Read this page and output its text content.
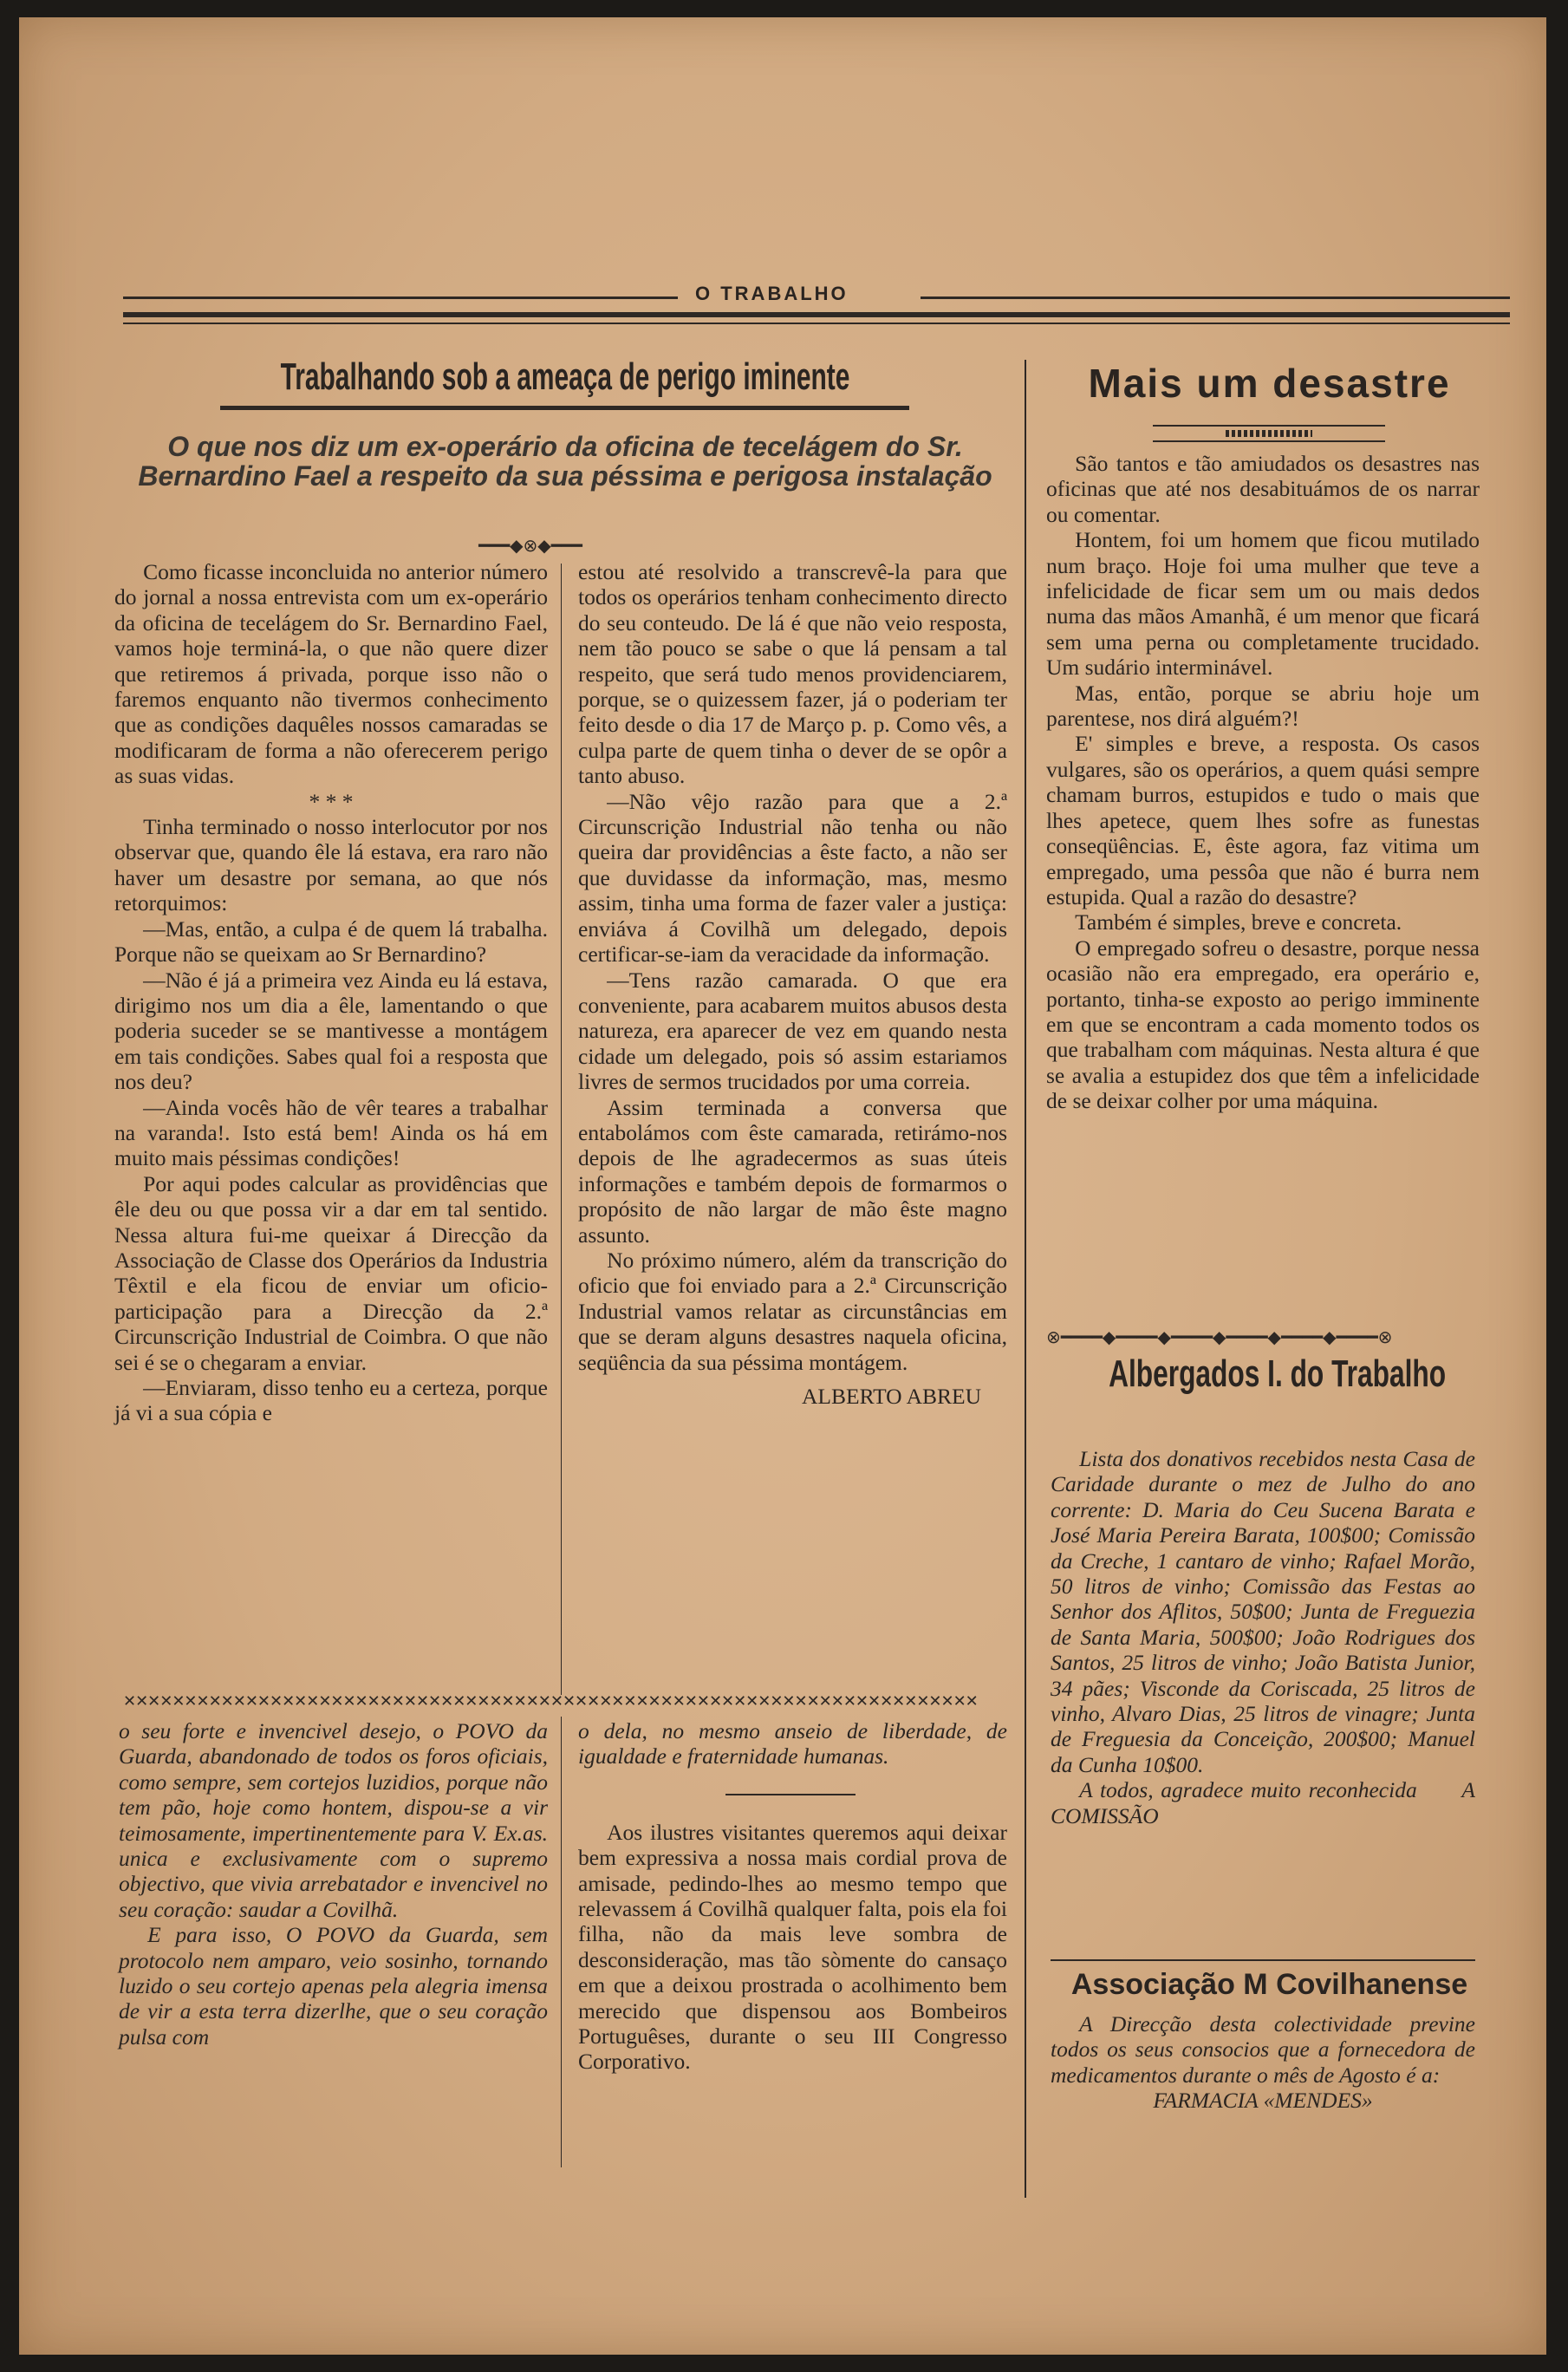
O TRABALHO
Trabalhando sob a ameaça de perigo iminente
O que nos diz um ex-operário da oficina de tecelágem do Sr. Bernardino Fael a respeito da sua péssima e perigosa instalação
━━━◆⊗◆━━━

Como ficasse inconcluida no anterior número do jornal a nossa entrevista com um ex-operário da oficina de tecelágem do Sr. Bernardino Fael, vamos hoje terminá-la, o que não quere dizer que retiremos á privada, porque isso não o faremos enquanto não tivermos conhecimento que as condições daquêles nossos camaradas se modificaram de forma a não oferecerem perigo as suas vidas.

* * *

Tinha terminado o nosso interlocutor por nos observar que, quando êle lá estava, era raro não haver um desastre por semana, ao que nós retorquimos:

—Mas, então, a culpa é de quem lá trabalha. Porque não se queixam ao Sr Bernardino?

—Não é já a primeira vez Ainda eu lá estava, dirigimo nos um dia a êle, lamentando o que poderia suceder se se mantivesse a montágem em tais condições. Sabes qual foi a resposta que nos deu?

—Ainda vocês hão de vêr teares a trabalhar na varanda!. Isto está bem! Ainda os há em muito mais péssimas condições!

Por aqui podes calcular as providências que êle deu ou que possa vir a dar em tal sentido. Nessa altura fui-me queixar á Direcção da Associação de Classe dos Operários da Industria Têxtil e ela ficou de enviar um oficio-participação para a Direcção da 2.ª Circunscrição Industrial de Coimbra. O que não sei é se o chegaram a enviar.

—Enviaram, disso tenho eu a certeza, porque já vi a sua cópia e

estou até resolvido a transcrevê-la para que todos os operários tenham conhecimento directo do seu conteudo. De lá é que não veio resposta, nem tão pouco se sabe o que lá pensam a tal respeito, que será tudo menos providenciarem, porque, se o quizessem fazer, já o poderiam ter feito desde o dia 17 de Março p. p. Como vês, a culpa parte de quem tinha o dever de se opôr a tanto abuso.

—Não vêjo razão para que a 2.ª Circunscrição Industrial não tenha ou não queira dar providências a êste facto, a não ser que duvidasse da informação, mas, mesmo assim, tinha uma forma de fazer valer a justiça: enviáva á Covilhã um delegado, depois certificar-se-iam da veracidade da informação.

—Tens razão camarada. O que era conveniente, para acabarem muitos abusos desta natureza, era aparecer de vez em quando nesta cidade um delegado, pois só assim estariamos livres de sermos trucidados por uma correia.

Assim terminada a conversa que entabolámos com êste camarada, retirámo-nos depois de lhe agradecermos as suas úteis informações e também depois de formarmos o propósito de não largar de mão êste magno assunto.

No próximo número, além da transcrição do oficio que foi enviado para a 2.ª Circunscrição Industrial vamos relatar as circunstâncias em que se deram alguns desastres naquela oficina, seqüência da sua péssima montágem.

ALBERTO ABREU

✕✕✕✕✕✕✕✕✕✕✕✕✕✕✕✕✕✕✕✕✕✕✕✕✕✕✕✕✕✕✕✕✕✕✕✕✕✕✕✕✕✕✕✕✕✕✕✕✕✕✕✕✕✕✕✕✕✕✕✕✕✕✕✕✕✕✕✕✕✕

o seu forte e invencivel desejo, o POVO da Guarda, abandonado de todos os foros oficiais, como sempre, sem cortejos luzidios, porque não tem pão, hoje como hontem, dispou-se a vir teimosamente, impertinentemente para V. Ex.as. unica e exclusivamente com o supremo objectivo, que vivia arrebatador e invencivel no seu coração: saudar a Covilhã.

E para isso, O POVO da Guarda, sem protocolo nem amparo, veio sosinho, tornando luzido o seu cortejo apenas pela alegria imensa de vir a esta terra dizerlhe, que o seu coração pulsa com

o dela, no mesmo anseio de liberdade, de igualdade e fraternidade humanas.

Aos ilustres visitantes queremos aqui deixar bem expressiva a nossa mais cordial prova de amisade, pedindo-lhes ao mesmo tempo que relevassem á Covilhã qualquer falta, pois ela foi filha, não da mais leve sombra de desconsideração, mas tão sòmente do cansaço em que a deixou prostrada o acolhimento bem merecido que dispensou aos Bombeiros Portuguêses, durante o seu III Congresso Corporativo.

Mais um desastre

São tantos e tão amiudados os desastres nas oficinas que até nos desabituámos de os narrar ou comentar.

Hontem, foi um homem que ficou mutilado num braço. Hoje foi uma mulher que teve a infelicidade de ficar sem um ou mais dedos numa das mãos Amanhã, é um menor que ficará sem uma perna ou completamente trucidado. Um sudário interminável.

Mas, então, porque se abriu hoje um parentese, nos dirá alguém?!

E' simples e breve, a resposta. Os casos vulgares, são os operários, a quem quási sempre chamam burros, estupidos e tudo o mais que lhes apetece, quem lhes sofre as funestas conseqüências. E, êste agora, faz vitima um empregado, uma pessôa que não é burra nem estupida. Qual a razão do desastre?

Também é simples, breve e concreta.

O empregado sofreu o desastre, porque nessa ocasião não era empregado, era operário e, portanto, tinha-se exposto ao perigo imminente em que se encontram a cada momento todos os que trabalham com máquinas. Nesta altura é que se avalia a estupidez dos que têm a infelicidade de se deixar colher por uma máquina.

⊗━━━━◆━━━━◆━━━━◆━━━━◆━━━━◆━━━━⊗
Albergados I. do Trabalho

Lista dos donativos recebidos nesta Casa de Caridade durante o mez de Julho do ano corrente: D. Maria do Ceu Sucena Barata e José Maria Pereira Barata, 100$00; Comissão da Creche, 1 cantaro de vinho; Rafael Morão, 50 litros de vinho; Comissão das Festas ao Senhor dos Aflitos, 50$00; Junta de Freguezia de Santa Maria, 500$00; João Rodrigues dos Santos, 25 litros de vinho; João Batista Junior, 34 pães; Visconde da Coriscada, 25 litros de vinho, Alvaro Dias, 25 litros de vinagre; Junta de Freguesia da Conceição, 200$00; Manuel da Cunha 10$00.

A todos, agradece muito reconhecida A COMISSÃO

Associação M Covilhanense

A Direcção desta colectividade previne todos os seus consocios que a fornecedora de medicamentos durante o mês de Agosto é a:

FARMACIA «MENDES»
